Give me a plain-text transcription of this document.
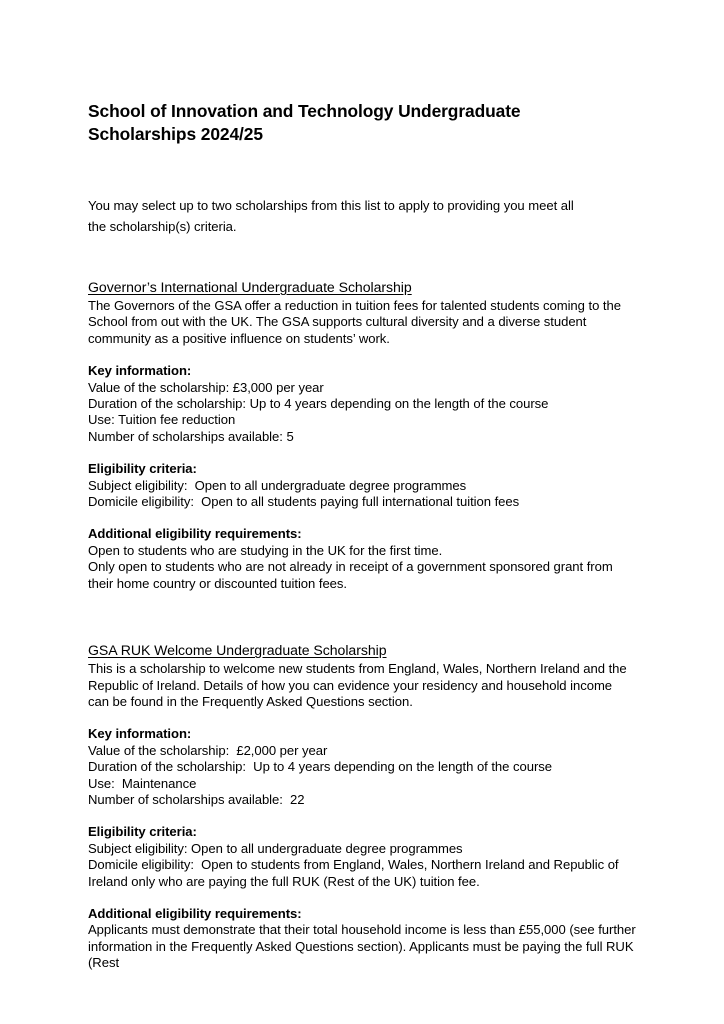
School of Innovation and Technology Undergraduate Scholarships 2024/25

You may select up to two scholarships from this list to apply to providing you meet all the scholarship(s) criteria.

Governor’s International Undergraduate Scholarship

The Governors of the GSA offer a reduction in tuition fees for talented students coming to the School from out with the UK. The GSA supports cultural diversity and a diverse student community as a positive influence on students’ work.

Key information:

Value of the scholarship: £3,000 per year

Duration of the scholarship: Up to 4 years depending on the length of the course

Use: Tuition fee reduction

Number of scholarships available: 5

Eligibility criteria:

Subject eligibility:  Open to all undergraduate degree programmes

Domicile eligibility:  Open to all students paying full international tuition fees

Additional eligibility requirements:

Open to students who are studying in the UK for the first time.

Only open to students who are not already in receipt of a government sponsored grant from their home country or discounted tuition fees.

GSA RUK Welcome Undergraduate Scholarship

This is a scholarship to welcome new students from England, Wales, Northern Ireland and the Republic of Ireland. Details of how you can evidence your residency and household income can be found in the Frequently Asked Questions section.

Key information:

Value of the scholarship:  £2,000 per year

Duration of the scholarship:  Up to 4 years depending on the length of the course

Use:  Maintenance

Number of scholarships available:  22

Eligibility criteria:

Subject eligibility: Open to all undergraduate degree programmes

Domicile eligibility:  Open to students from England, Wales, Northern Ireland and Republic of Ireland only who are paying the full RUK (Rest of the UK) tuition fee.

Additional eligibility requirements:

Applicants must demonstrate that their total household income is less than £55,000 (see further information in the Frequently Asked Questions section). Applicants must be paying the full RUK (Rest
